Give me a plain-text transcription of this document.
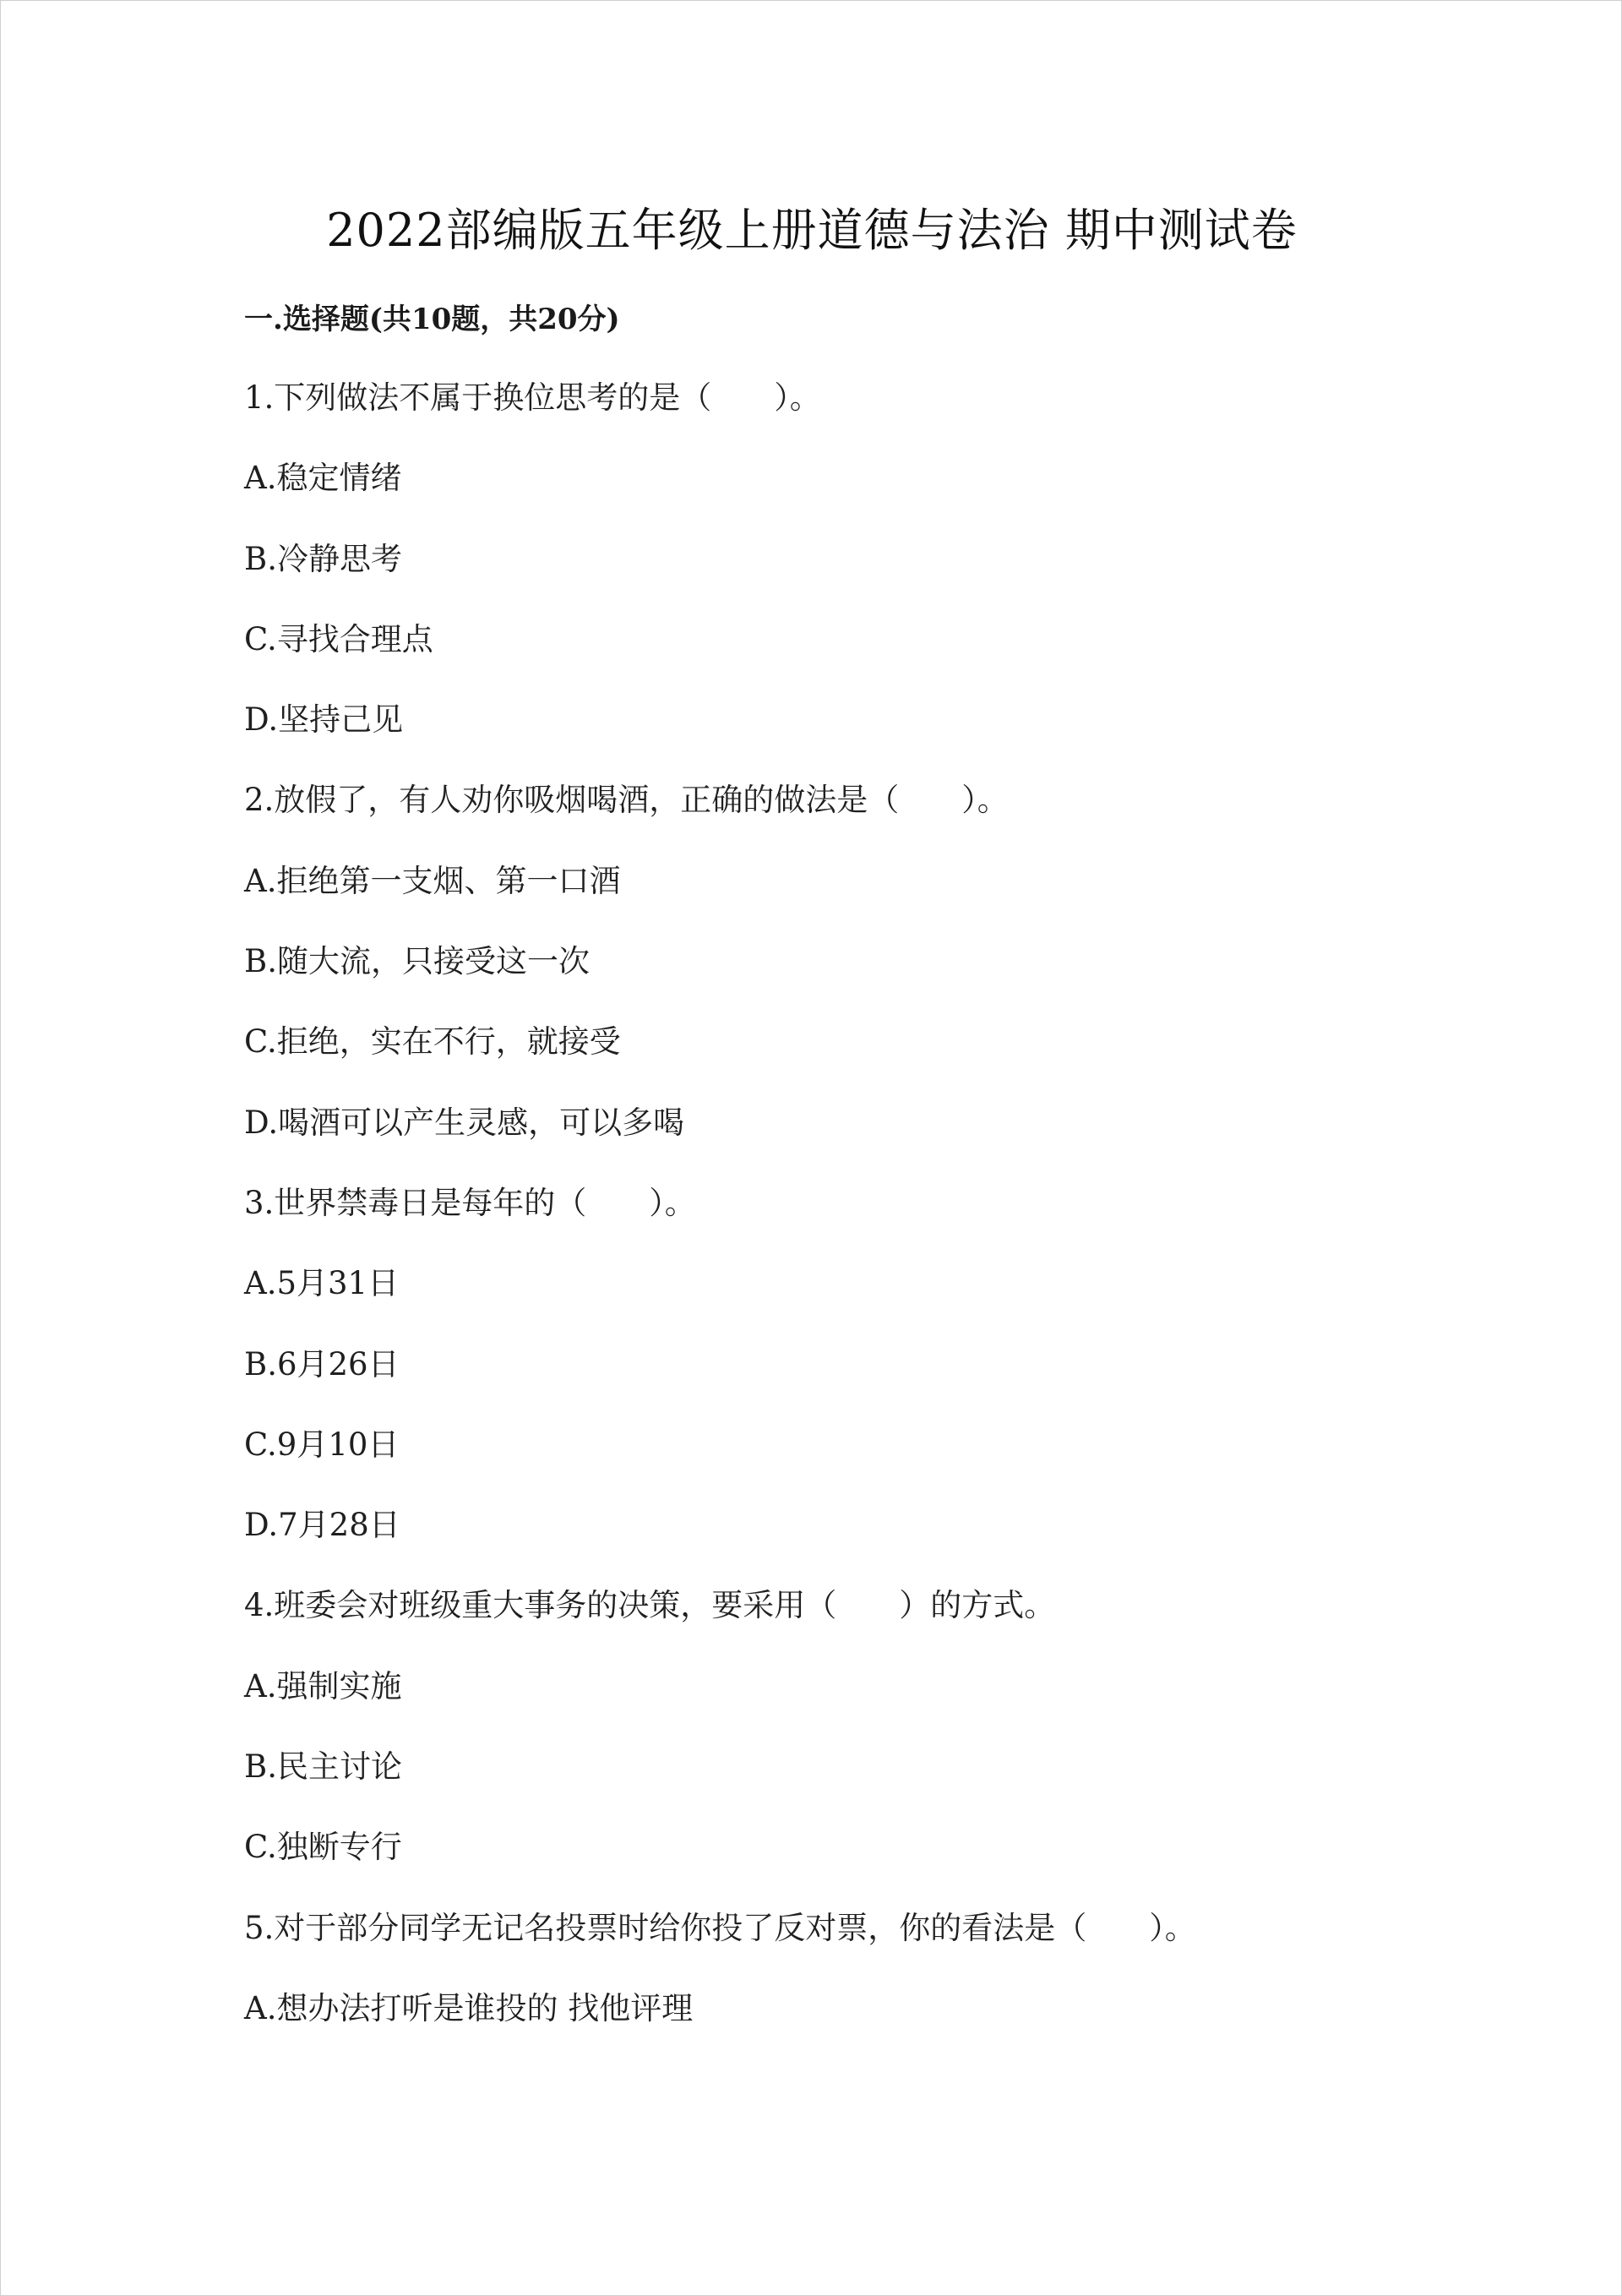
2022部编版五年级上册道德与法治 期中测试卷
一.选择题(共10题，共20分)
1.下列做法不属于换位思考的是（　　）。
A.稳定情绪
B.冷静思考
C.寻找合理点
D.坚持己见
2.放假了，有人劝你吸烟喝酒，正确的做法是（　　）。
A.拒绝第一支烟、第一口酒
B.随大流，只接受这一次
C.拒绝，实在不行，就接受
D.喝酒可以产生灵感，可以多喝
3.世界禁毒日是每年的（　　）。
A.5月31日
B.6月26日
C.9月10日
D.7月28日
4.班委会对班级重大事务的决策，要采用（　　）的方式。
A.强制实施
B.民主讨论
C.独断专行
5.对于部分同学无记名投票时给你投了反对票，你的看法是（　　）。
A.想办法打听是谁投的 找他评理
